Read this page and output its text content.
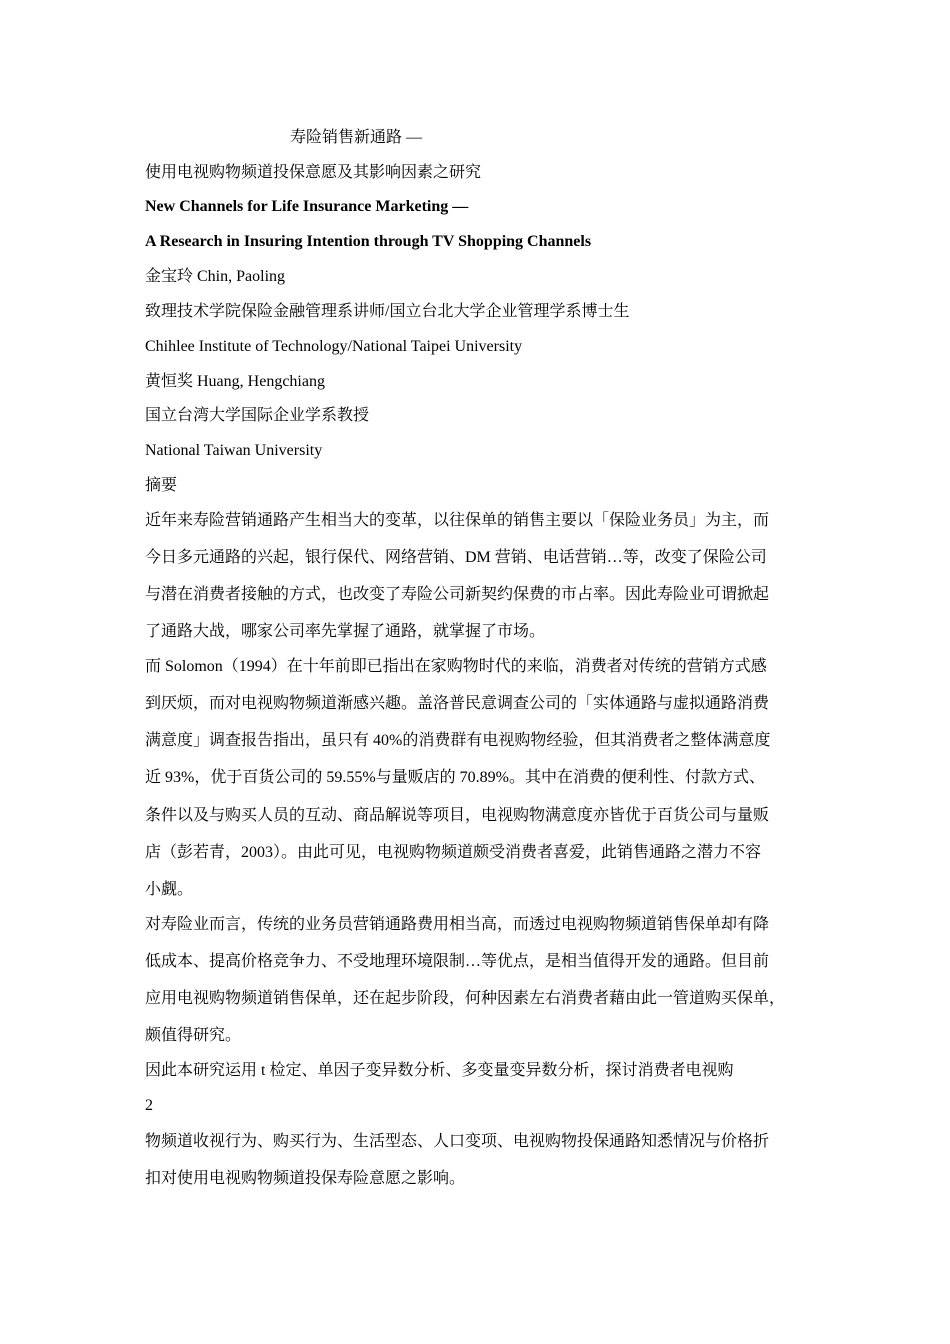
寿险销售新通路 —
使用电视购物频道投保意愿及其影响因素之研究
New Channels for Life Insurance Marketing —
A Research in Insuring Intention through TV Shopping Channels
金宝玲 Chin, Paoling
致理技术学院保险金融管理系讲师/国立台北大学企业管理学系博士生
Chihlee Institute of Technology/National Taipei University
黄恒奖 Huang, Hengchiang
国立台湾大学国际企业学系教授
National Taiwan University
摘要
近年来寿险营销通路产生相当大的变革，以往保单的销售主要以「保险业务员」为主，而
今日多元通路的兴起，银行保代、网络营销、DM 营销、电话营销…等，改变了保险公司
与潜在消费者接触的方式，也改变了寿险公司新契约保费的市占率。因此寿险业可谓掀起
了通路大战，哪家公司率先掌握了通路，就掌握了市场。
而 Solomon（1994）在十年前即已指出在家购物时代的来临，消费者对传统的营销方式感
到厌烦，而对电视购物频道渐感兴趣。盖洛普民意调查公司的「实体通路与虚拟通路消费
满意度」调查报告指出，虽只有 40%的消费群有电视购物经验，但其消费者之整体满意度
近 93%，优于百货公司的 59.55%与量贩店的 70.89%。其中在消费的便利性、付款方式、
条件以及与购买人员的互动、商品解说等项目，电视购物满意度亦皆优于百货公司与量贩
店（彭若青，2003）。由此可见，电视购物频道颇受消费者喜爱，此销售通路之潜力不容
小觑。
对寿险业而言，传统的业务员营销通路费用相当高，而透过电视购物频道销售保单却有降
低成本、提高价格竞争力、不受地理环境限制…等优点，是相当值得开发的通路。但目前
应用电视购物频道销售保单，还在起步阶段，何种因素左右消费者藉由此一管道购买保单，
颇值得研究。
因此本研究运用 t 检定、单因子变异数分析、多变量变异数分析，探讨消费者电视购
2
物频道收视行为、购买行为、生活型态、人口变项、电视购物投保通路知悉情况与价格折
扣对使用电视购物频道投保寿险意愿之影响。
